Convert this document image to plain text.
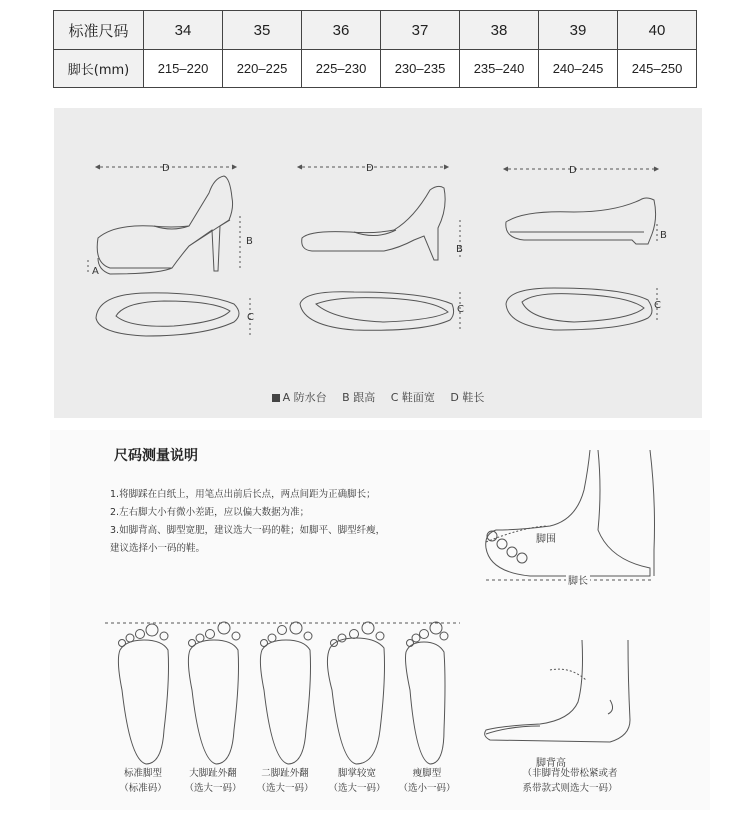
标准尺码	34	35	36	37	38	39	40
脚长(mm)	215–220	220–225	225–230	230–235	235–240	240–245	245–250
D	D	D
B
B
B
A
C
C	C
A 防水台 B 跟高 C 鞋面宽 D 鞋长
尺码测量说明
1.将脚踩在白纸上，用笔点出前后长点，两点间距为正确脚长；
2.左右脚大小有微小差距，应以偏大数据为准；
3.如脚背高、脚型宽肥，建议选大一码的鞋；如脚平、脚型纤瘦，
建议选择小一码的鞋。
脚围
脚长
脚背高
（非脚背处带松紧或者
系带款式则选大一码）
标准脚型
（标准码）
大脚趾外翻
（选大一码）
二脚趾外翻
（选大一码）
脚掌较宽
（选大一码）
瘦脚型
（选小一码）
